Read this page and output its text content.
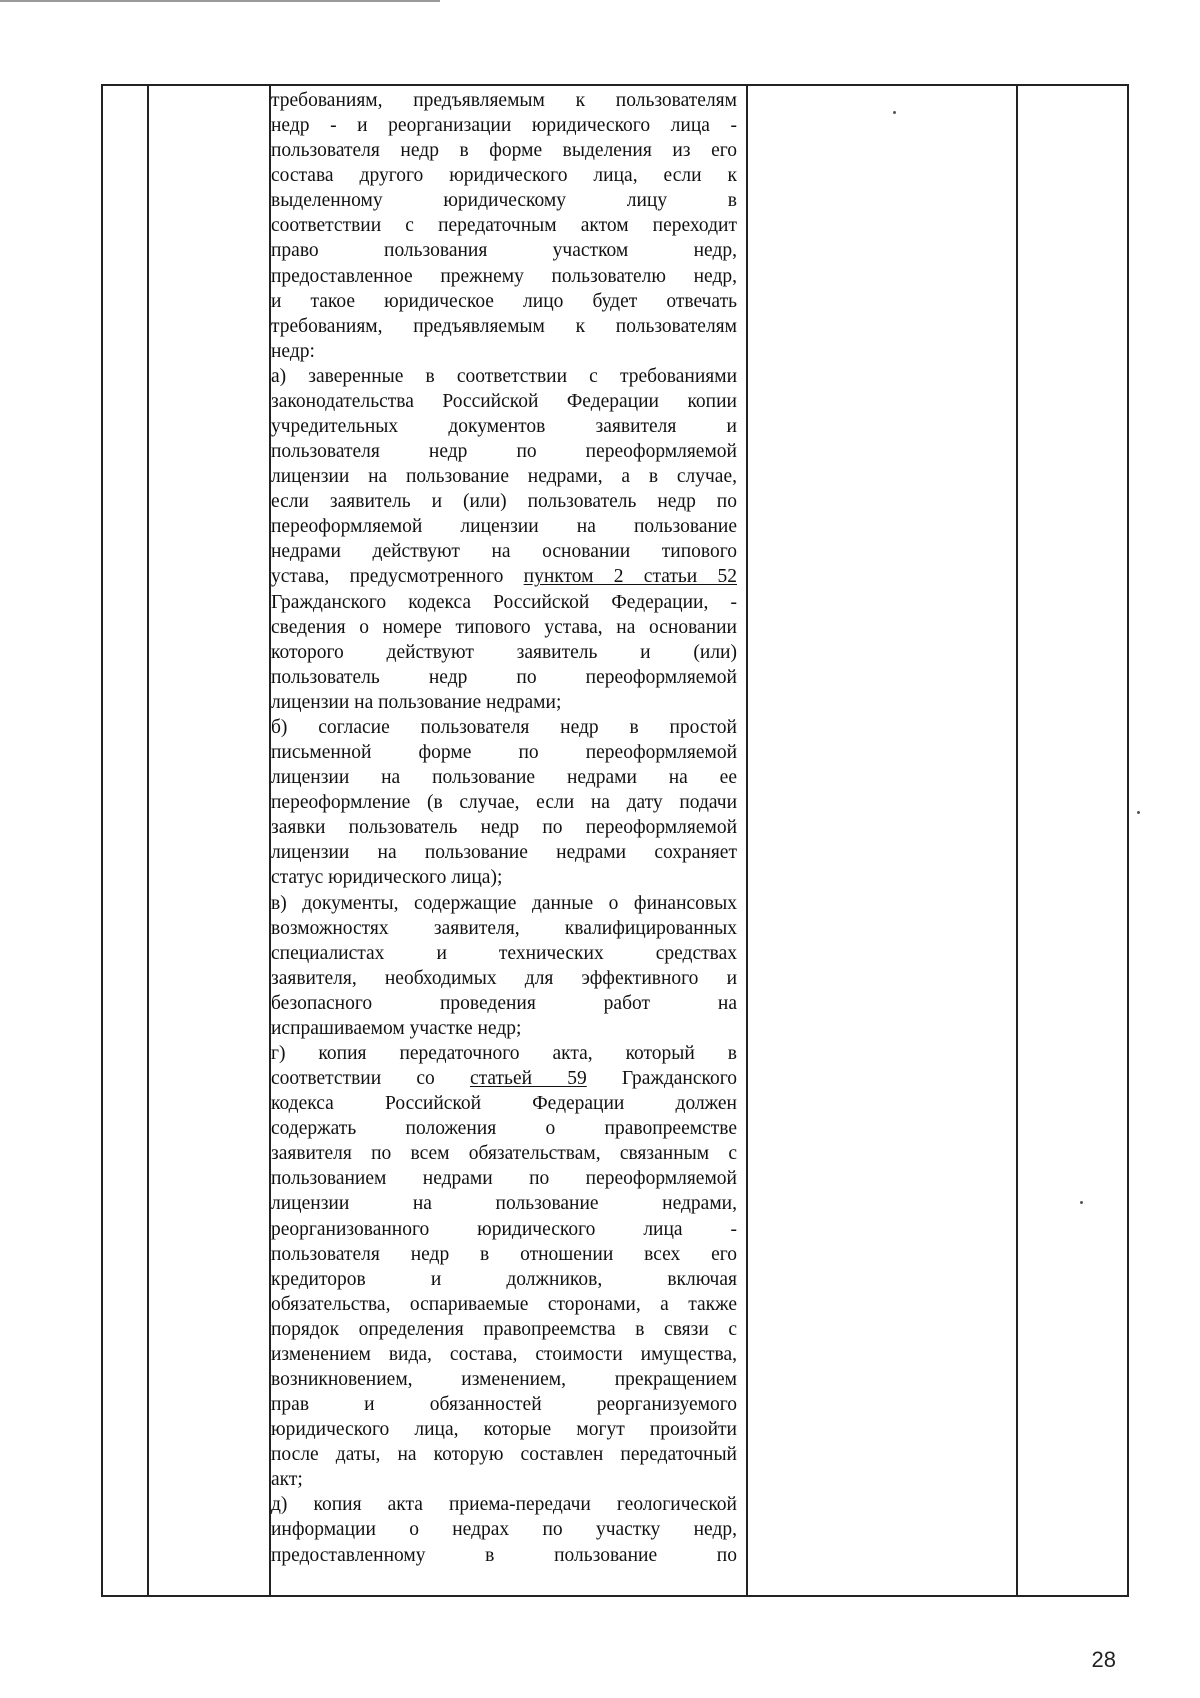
требованиям, предъявляемым к пользователям
недр - и реорганизации юридического лица -
пользователя недр в форме выделения из его
состава другого юридического лица, если к
выделенному юридическому лицу в
соответствии с передаточным актом переходит
право пользования участком недр,
предоставленное прежнему пользователю недр,
и такое юридическое лицо будет отвечать
требованиям, предъявляемым к пользователям
недр:
а) заверенные в соответствии с требованиями
законодательства Российской Федерации копии
учредительных документов заявителя и
пользователя недр по переоформляемой
лицензии на пользование недрами, а в случае,
если заявитель и (или) пользователь недр по
переоформляемой лицензии на пользование
недрами действуют на основании типового
устава, предусмотренного пунктом 2 статьи 52
Гражданского кодекса Российской Федерации, -
сведения о номере типового устава, на основании
которого действуют заявитель и (или)
пользователь недр по переоформляемой
лицензии на пользование недрами;
б) согласие пользователя недр в простой
письменной форме по переоформляемой
лицензии на пользование недрами на ее
переоформление (в случае, если на дату подачи
заявки пользователь недр по переоформляемой
лицензии на пользование недрами сохраняет
статус юридического лица);
в) документы, содержащие данные о финансовых
возможностях заявителя, квалифицированных
специалистах и технических средствах
заявителя, необходимых для эффективного и
безопасного проведения работ на
испрашиваемом участке недр;
г) копия передаточного акта, который в
соответствии со статьей 59 Гражданского
кодекса Российской Федерации должен
содержать положения о правопреемстве
заявителя по всем обязательствам, связанным с
пользованием недрами по переоформляемой
лицензии на пользование недрами,
реорганизованного юридического лица -
пользователя недр в отношении всех его
кредиторов и должников, включая
обязательства, оспариваемые сторонами, а также
порядок определения правопреемства в связи с
изменением вида, состава, стоимости имущества,
возникновением, изменением, прекращением
прав и обязанностей реорганизуемого
юридического лица, которые могут произойти
после даты, на которую составлен передаточный
акт;
д) копия акта приема-передачи геологической
информации о недрах по участку недр,
предоставленному в пользование по
28
